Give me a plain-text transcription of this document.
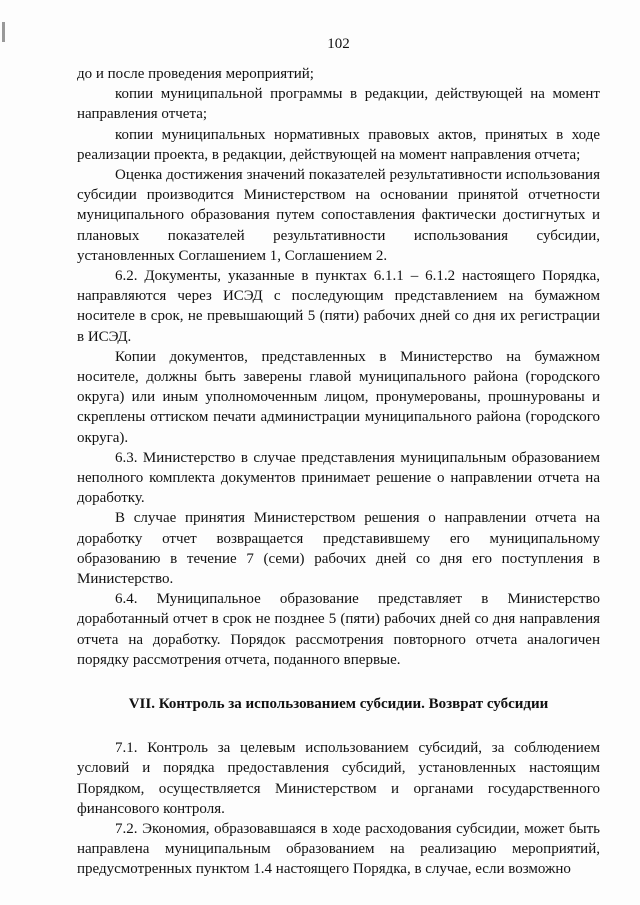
102

до и после проведения мероприятий;

копии муниципальной программы в редакции, действующей на момент направления отчета;

копии муниципальных нормативных правовых актов, принятых в ходе реализации проекта, в редакции, действующей на момент направления отчета;

Оценка достижения значений показателей результативности использования субсидии производится Министерством на основании принятой отчетности муниципального образования путем сопоставления фактически достигнутых и плановых показателей результативности использования субсидии, установленных Соглашением 1, Соглашением 2.

6.2. Документы, указанные в пунктах 6.1.1 – 6.1.2 настоящего Порядка, направляются через ИСЭД с последующим представлением на бумажном носителе в срок, не превышающий 5 (пяти) рабочих дней со дня их регистрации в ИСЭД.

Копии документов, представленных в Министерство на бумажном носителе, должны быть заверены главой муниципального района (городского округа) или иным уполномоченным лицом, пронумерованы, прошнурованы и скреплены оттиском печати администрации муниципального района (городского округа).

6.3. Министерство в случае представления муниципальным образованием неполного комплекта документов принимает решение о направлении отчета на доработку.

В случае принятия Министерством решения о направлении отчета на доработку отчет возвращается представившему его муниципальному образованию в течение 7 (семи) рабочих дней со дня его поступления в Министерство.

6.4. Муниципальное образование представляет в Министерство доработанный отчет в срок не позднее 5 (пяти) рабочих дней со дня направления отчета на доработку. Порядок рассмотрения повторного отчета аналогичен порядку рассмотрения отчета, поданного впервые.

VII. Контроль за использованием субсидии. Возврат субсидии

7.1. Контроль за целевым использованием субсидий, за соблюдением условий и порядка предоставления субсидий, установленных настоящим Порядком, осуществляется Министерством и органами государственного финансового контроля.

7.2. Экономия, образовавшаяся в ходе расходования субсидии, может быть направлена муниципальным образованием на реализацию мероприятий, предусмотренных пунктом 1.4 настоящего Порядка, в случае, если возможно
